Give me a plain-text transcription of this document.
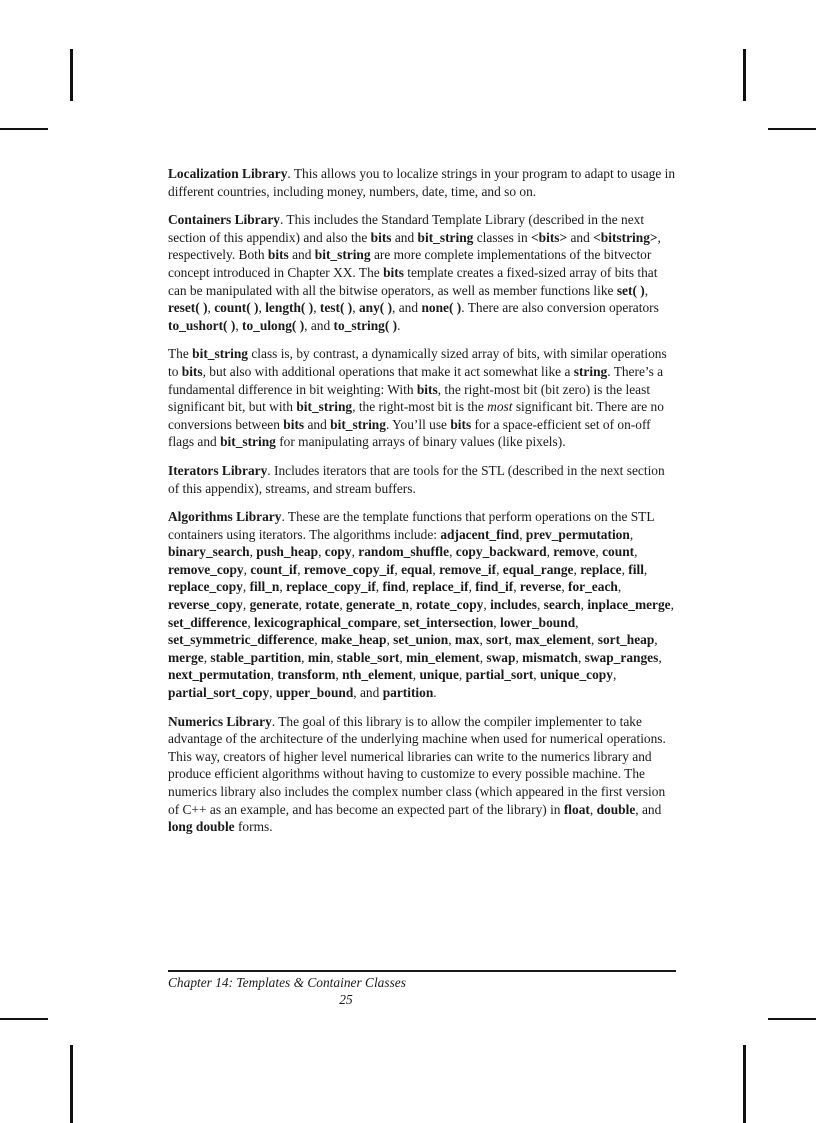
Localization Library. This allows you to localize strings in your program to adapt to usage in different countries, including money, numbers, date, time, and so on.

Containers Library. This includes the Standard Template Library (described in the next section of this appendix) and also the bits and bit_string classes in <bits> and <bitstring>, respectively. Both bits and bit_string are more complete implementations of the bitvector concept introduced in Chapter XX. The bits template creates a fixed-sized array of bits that can be manipulated with all the bitwise operators, as well as member functions like set( ), reset( ), count( ), length( ), test( ), any( ), and none( ). There are also conversion operators to_ushort( ), to_ulong( ), and to_string( ).

The bit_string class is, by contrast, a dynamically sized array of bits, with similar operations to bits, but also with additional operations that make it act somewhat like a string. There’s a fundamental difference in bit weighting: With bits, the right-most bit (bit zero) is the least significant bit, but with bit_string, the right-most bit is the most significant bit. There are no conversions between bits and bit_string. You’ll use bits for a space-efficient set of on-off flags and bit_string for manipulating arrays of binary values (like pixels).

Iterators Library. Includes iterators that are tools for the STL (described in the next section of this appendix), streams, and stream buffers.

Algorithms Library. These are the template functions that perform operations on the STL containers using iterators. The algorithms include: adjacent_find, prev_permutation, binary_search, push_heap, copy, random_shuffle, copy_backward, remove, count, remove_copy, count_if, remove_copy_if, equal, remove_if, equal_range, replace, fill, replace_copy, fill_n, replace_copy_if, find, replace_if, find_if, reverse, for_each, reverse_copy, generate, rotate, generate_n, rotate_copy, includes, search, inplace_merge, set_difference, lexicographical_compare, set_intersection, lower_bound, set_symmetric_difference, make_heap, set_union, max, sort, max_element, sort_heap, merge, stable_partition, min, stable_sort, min_element, swap, mismatch, swap_ranges, next_permutation, transform, nth_element, unique, partial_sort, unique_copy, partial_sort_copy, upper_bound, and partition.

Numerics Library. The goal of this library is to allow the compiler implementer to take advantage of the architecture of the underlying machine when used for numerical operations. This way, creators of higher level numerical libraries can write to the numerics library and produce efficient algorithms without having to customize to every possible machine. The numerics library also includes the complex number class (which appeared in the first version of C++ as an example, and has become an expected part of the library) in float, double, and long double forms.

Chapter 14: Templates & Container Classes

25
